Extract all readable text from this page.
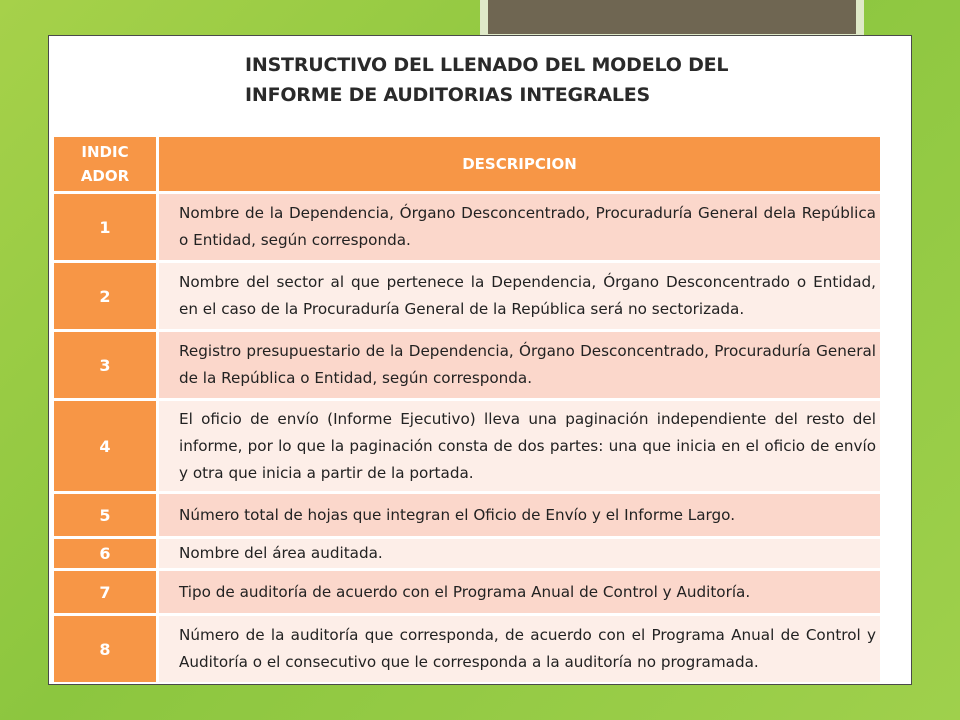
INSTRUCTIVO DEL LLENADO DEL MODELO DEL
INFORME DE AUDITORIAS INTEGRALES
INDIC
ADOR	DESCRIPCION
1	Nombre de la Dependencia, Órgano Desconcentrado, Procuraduría General dela República o Entidad, según corresponda.
2	Nombre del sector al que pertenece la Dependencia, Órgano Desconcentrado o Entidad, en el caso de la Procuraduría General de la República será no sectorizada.
3	Registro presupuestario de la Dependencia, Órgano Desconcentrado, Procuraduría General de la República o Entidad, según corresponda.
4	El oficio de envío (Informe Ejecutivo) lleva una paginación independiente del resto del informe, por lo que la paginación consta de dos partes: una que inicia en el oficio de envío y otra que inicia a partir de la portada.
5	Número total de hojas que integran el Oficio de Envío y el Informe Largo.
6	Nombre del área auditada.
7	Tipo de auditoría de acuerdo con el Programa Anual de Control y Auditoría.
8	Número de la auditoría que corresponda, de acuerdo con el Programa Anual de Control y Auditoría o el consecutivo que le corresponda a la auditoría no programada.
